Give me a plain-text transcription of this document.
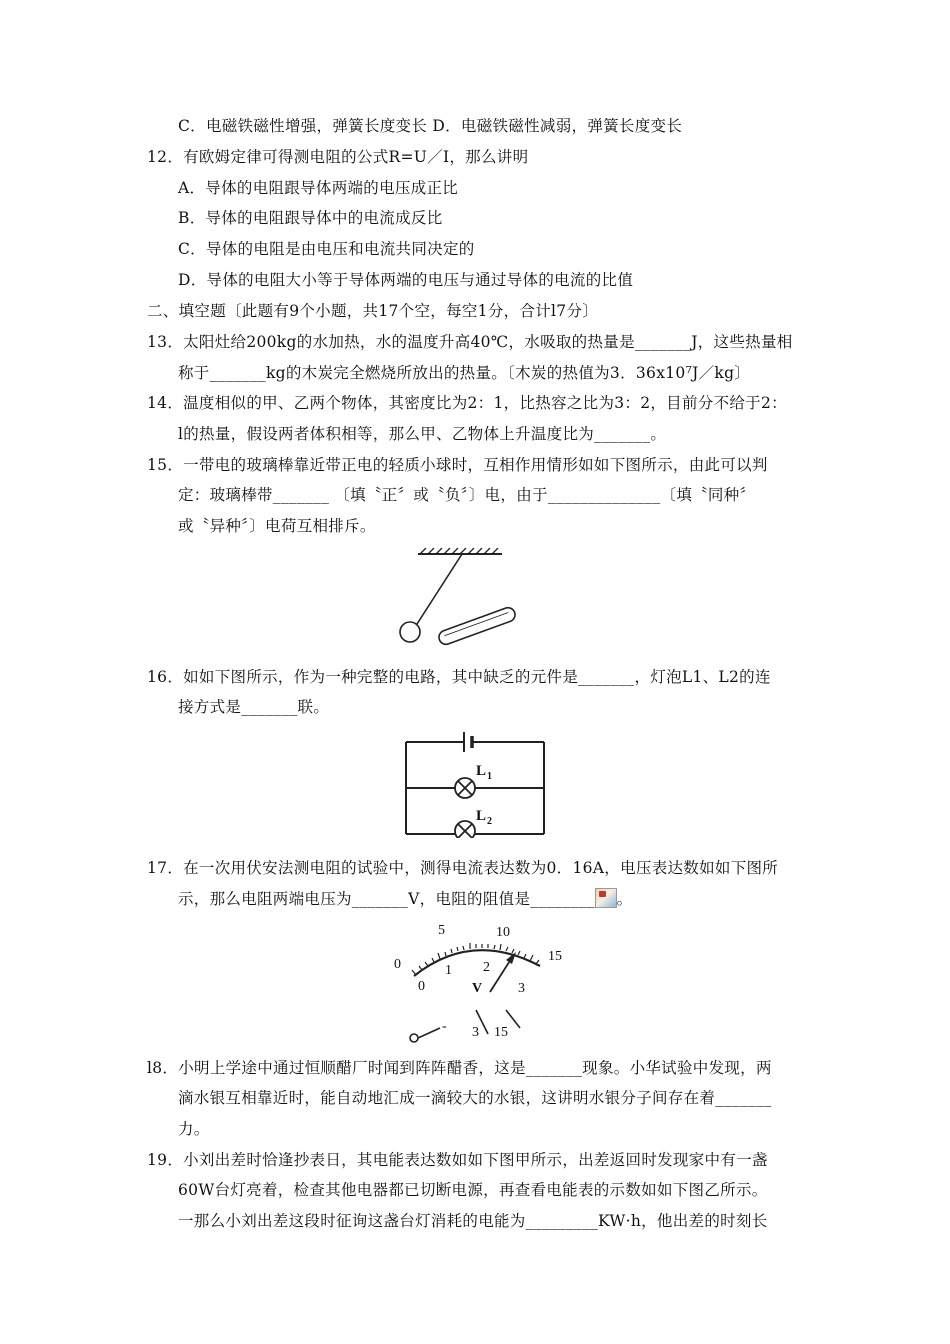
C．电磁铁磁性增强，弹簧长度变长 D．电磁铁磁性减弱，弹簧长度变长
12．有欧姆定律可得测电阻的公式R=U／I，那么讲明
A．导体的电阻跟导体两端的电压成正比
B．导体的电阻跟导体中的电流成反比
C．导体的电阻是由电压和电流共同决定的
D．导体的电阻大小等于导体两端的电压与通过导体的电流的比值
二、填空题〔此题有9个小题，共17个空，每空1分，合计l7分〕
13．太阳灶给200kg的水加热，水的温度升高40℃，水吸取的热量是_______J，这些热量相
称于_______kg的木炭完全燃烧所放出的热量。〔木炭的热值为3．36x10⁷J／kg〕
14．温度相似的甲、乙两个物体，其密度比为2：1，比热容之比为3：2，目前分不给于2：
l的热量，假设两者体积相等，那么甲、乙物体上升温度比为_______。
15．一带电的玻璃棒靠近带正电的轻质小球时，互相作用情形如如下图所示，由此可以判
定：玻璃棒带_______ 〔填〝正〞或〝负〞〕电，由于______________〔填〝同种〞
或〝异种〞〕电荷互相排斥。
16．如如下图所示，作为一种完整的电路，其中缺乏的元件是_______，灯泡L1、L2的连
接方式是_______联。
L 1
L 2
17．在一次用伏安法测电阻的试验中，测得电流表达数为0．16A，电压表达数如如下图所
示，那么电阻两端电压为_______V，电阻的阻值是________ 。
0
5	10
15
0
1 2
3
V
- 3 15
l8．小明上学途中通过恒顺醋厂时闻到阵阵醋香，这是_______现象。小华试验中发现，两
滴水银互相靠近时，能自动地汇成一滴较大的水银，这讲明水银分子间存在着_______
力。
19．小刘出差时恰逢抄表日，其电能表达数如如下图甲所示，出差返回时发现家中有一盏
60W台灯亮着，检查其他电器都已切断电源，再查看电能表的示数如如下图乙所示。
一那么小刘出差这段时征询这盏台灯消耗的电能为_________KW·h，他出差的时刻长
